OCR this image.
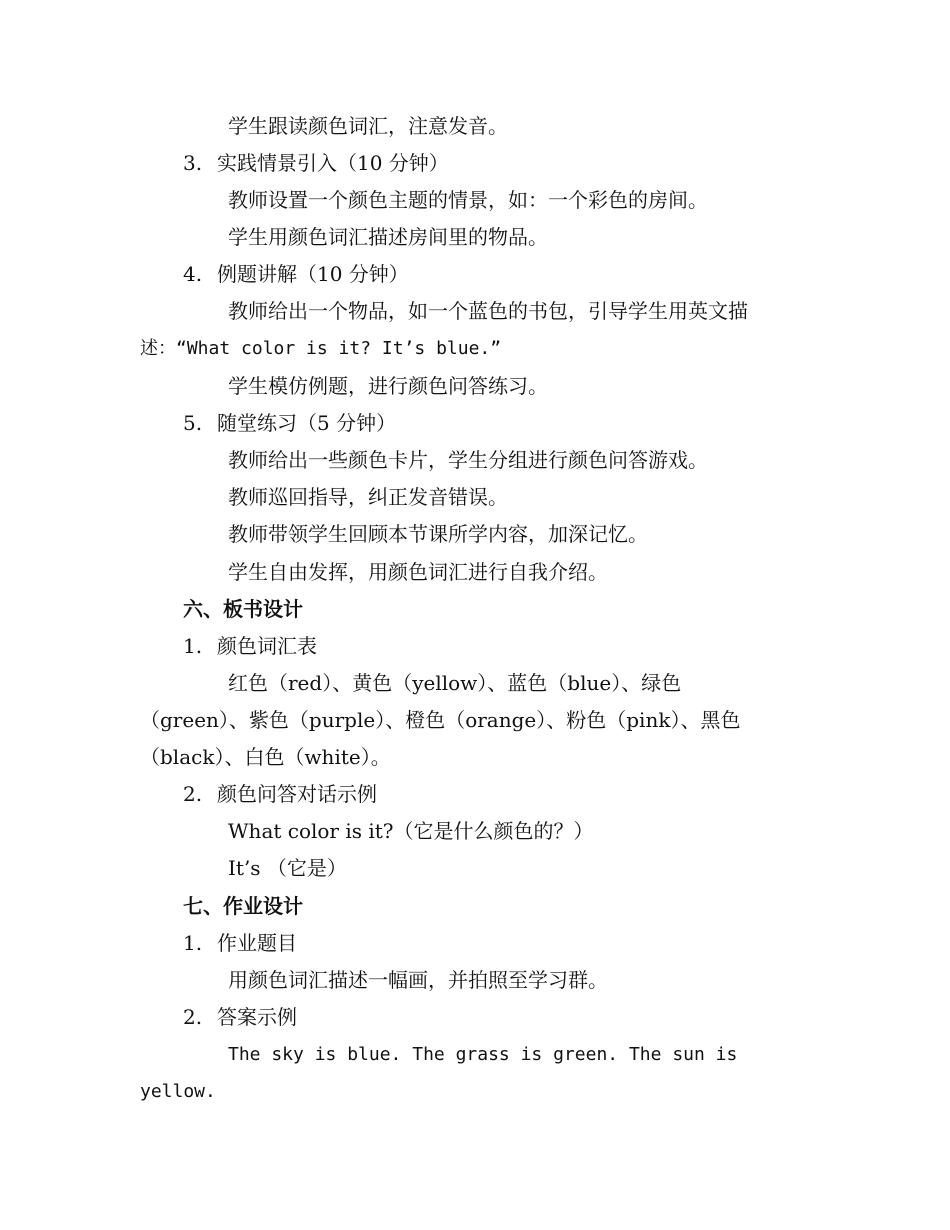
学生跟读颜色词汇，注意发音。
3. 实践情景引入（10 分钟）
教师设置一个颜色主题的情景，如：一个彩色的房间。
学生用颜色词汇描述房间里的物品。
4. 例题讲解（10 分钟）
教师给出一个物品，如一个蓝色的书包，引导学生用英文描
述：“What color is it? It’s blue.”
学生模仿例题，进行颜色问答练习。
5. 随堂练习（5 分钟）
教师给出一些颜色卡片，学生分组进行颜色问答游戏。
教师巡回指导，纠正发音错误。
教师带领学生回顾本节课所学内容，加深记忆。
学生自由发挥，用颜色词汇进行自我介绍。
六、板书设计
1. 颜色词汇表
红色（red）、黄色（yellow）、蓝色（blue）、绿色
（green）、紫色（purple）、橙色（orange）、粉色（pink）、黑色
（black）、白色（white）。
2. 颜色问答对话示例
What color is it?（它是什么颜色的？）
It’s （它是）
七、作业设计
1. 作业题目
用颜色词汇描述一幅画，并拍照至学习群。
2. 答案示例
The sky is blue. The grass is green. The sun is
yellow.
